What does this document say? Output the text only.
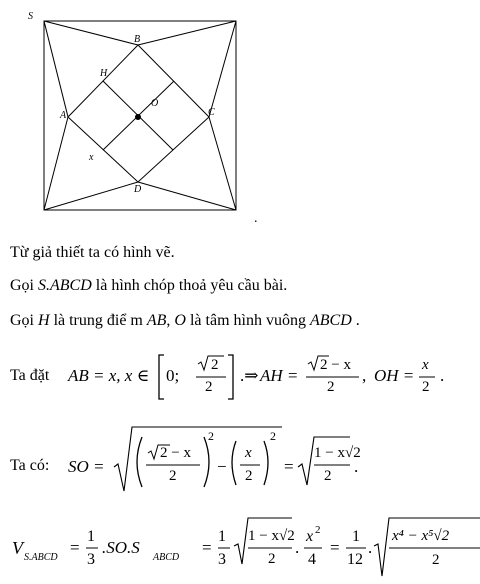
S
B
H
O
A	C
x
D
.
Từ giả thiết ta có hình vẽ.
Gọi S.ABCD là hình chóp thoả yêu cầu bài.
Gọi H là trung điể m AB, O là tâm hình vuông ABCD .
Ta đặt AB = x, x ∈ 0;
2
2
.⇒ AH =
2 − x
2
, OH =
x
2
.
Ta có: SO =
2 − x
2
2
−
x
2
2
=
1 − x√2
2 .
V S.ABCD
=
1
3
.SO.S
ABCD
=
1
3
1 − x√2
2
.
x 2
4
=
1
12
.
x⁴ − x⁵√2
2
